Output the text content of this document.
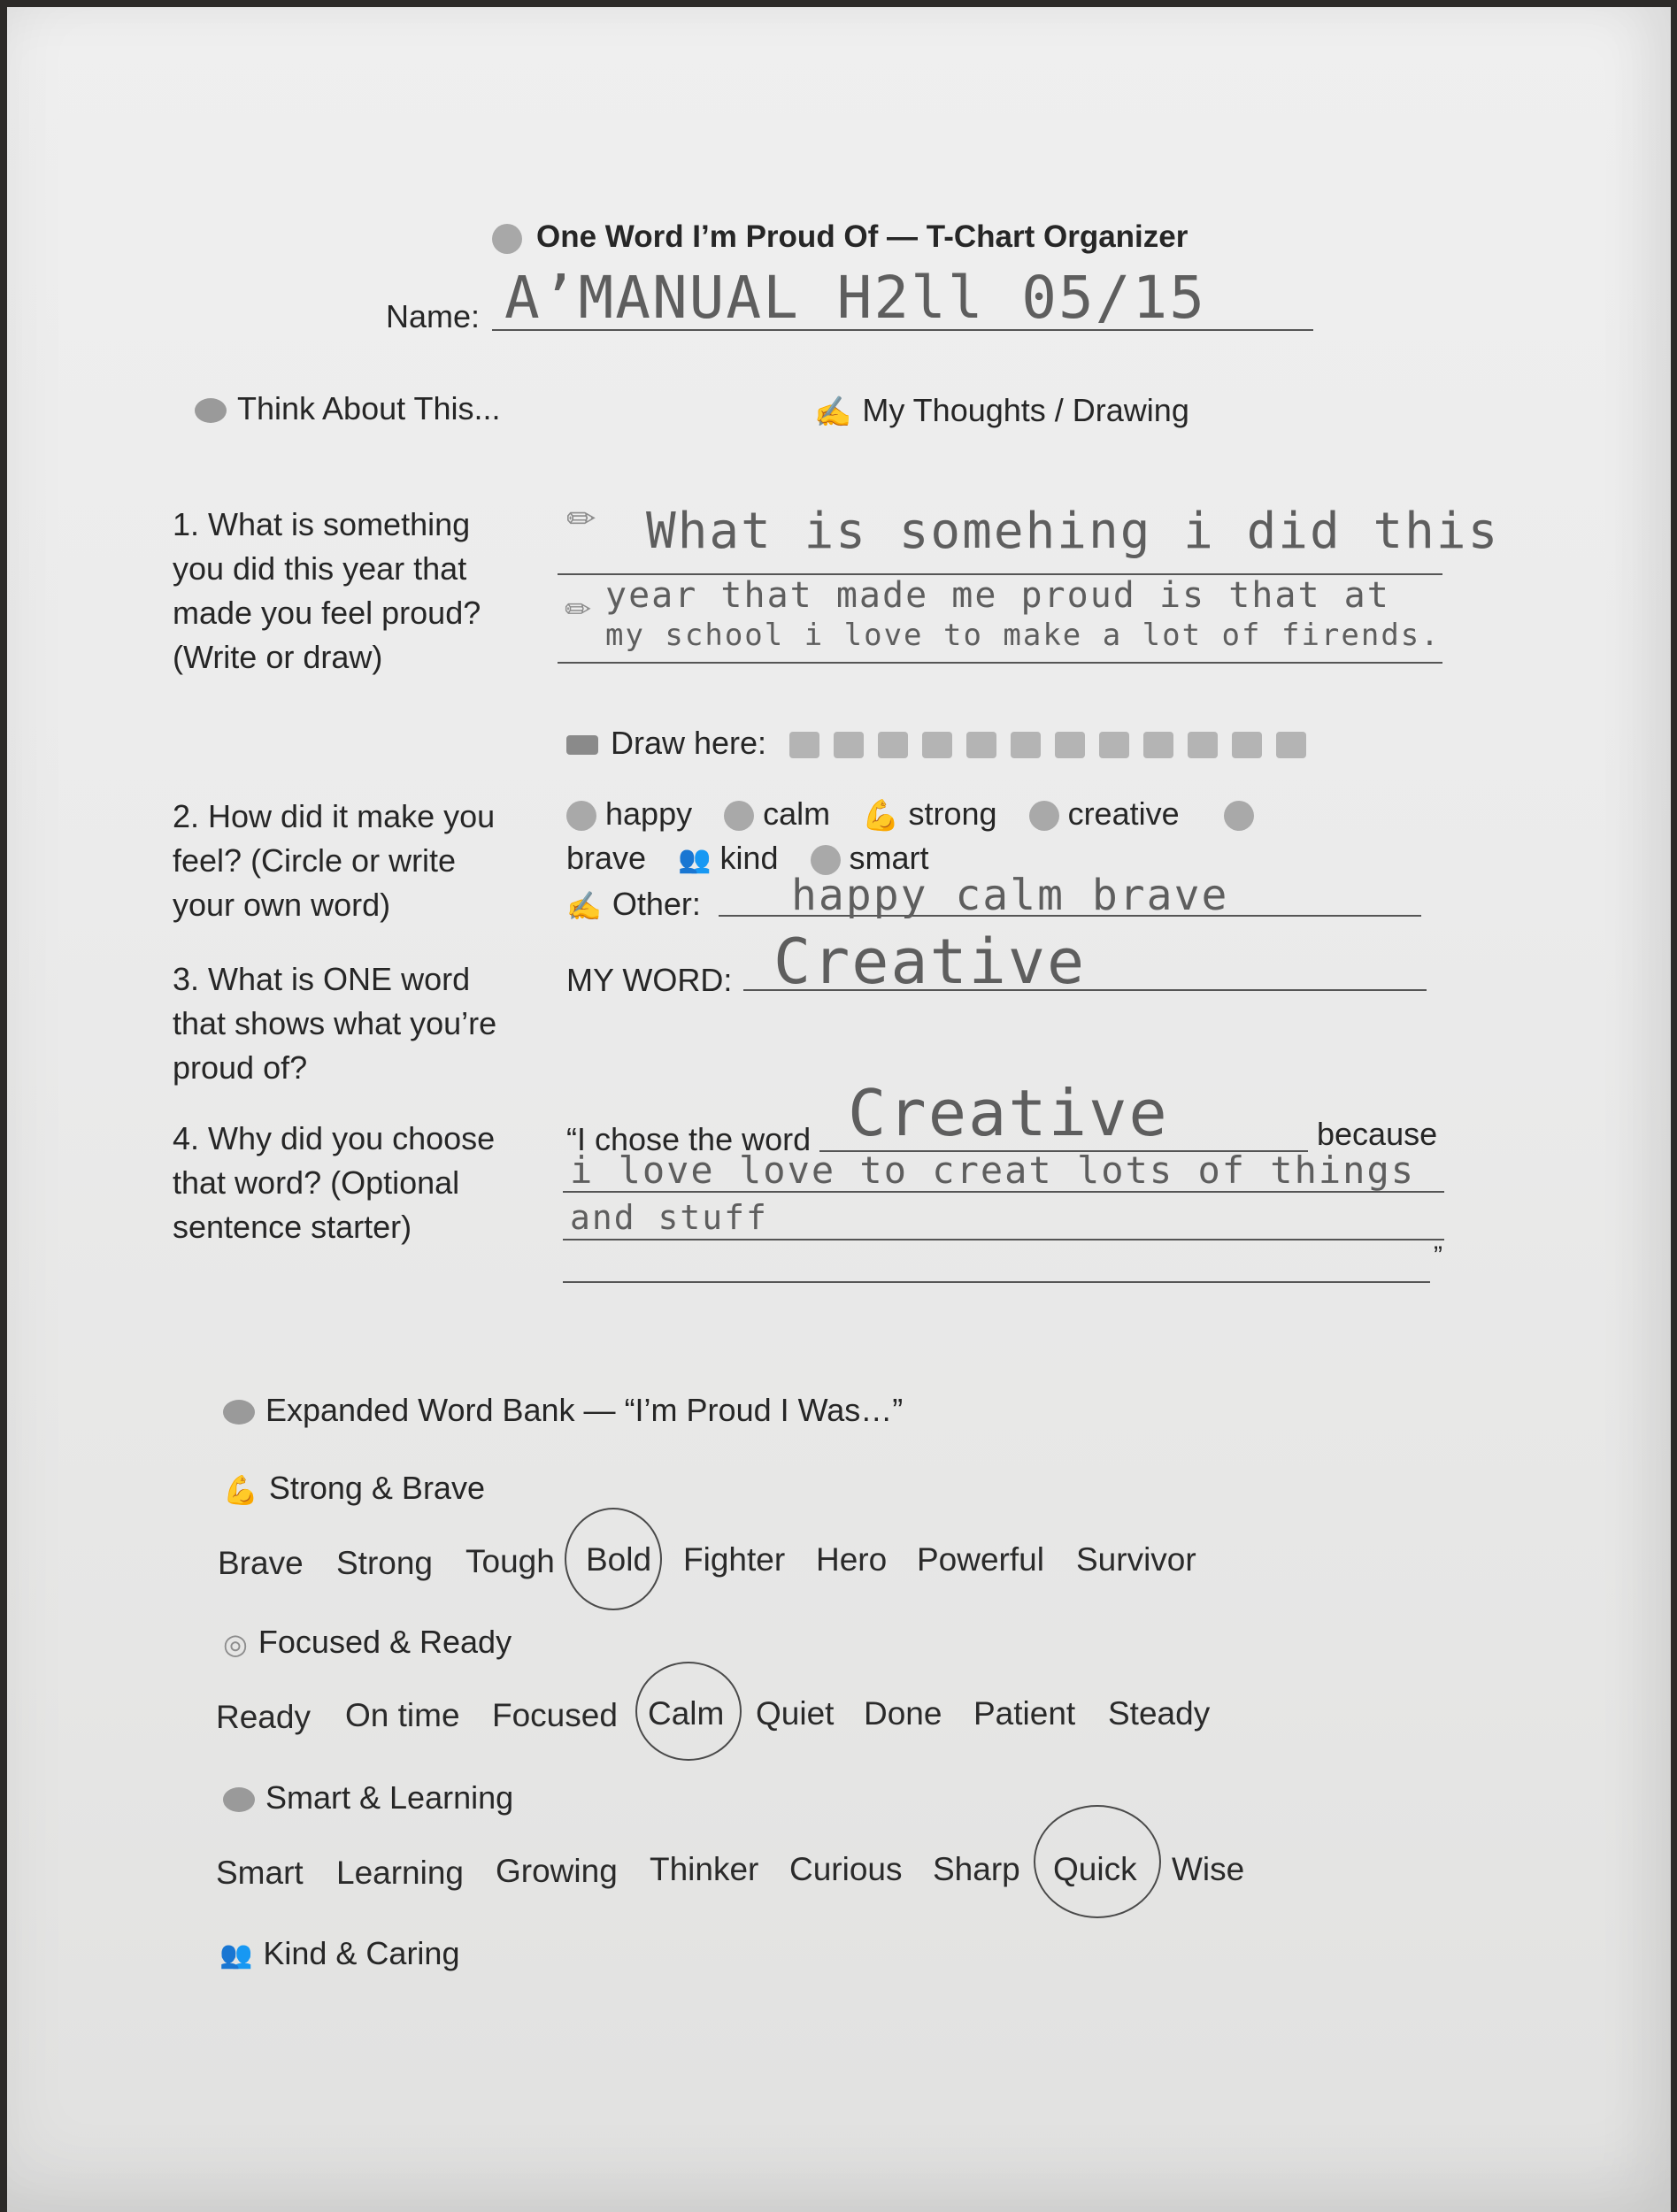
One Word I’m Proud Of — T-Chart Organizer
Name: A’MANUAL H2ll 05/15
Think About This...	✍ My Thoughts / Drawing
1. What is something
you did this year that
made you feel proud?
(Write or draw)
✏ What is somehing i did this
✏ year that made me proud is that at
my school i love to make a lot of firends.
Draw here:
2. How did it make you
feel? (Circle or write
your own word)
happy calm 💪 strong creative
brave 👥 kind smart
✍ Other: happy calm brave
3. What is ONE word
that shows what you’re
proud of?
MY WORD: Creative
4. Why did you choose
that word? (Optional
sentence starter)
“I chose the word Creative	because
i love love to creat lots of things
and stuff
”
Expanded Word Bank — “I’m Proud I Was…”
💪 Strong & Brave
Brave Strong Tough Bold Fighter Hero Powerful Survivor
◎ Focused & Ready
Ready On time Focused Calm Quiet Done Patient Steady
Smart & Learning
Smart Learning Growing Thinker Curious Sharp Quick Wise
👥 Kind & Caring
